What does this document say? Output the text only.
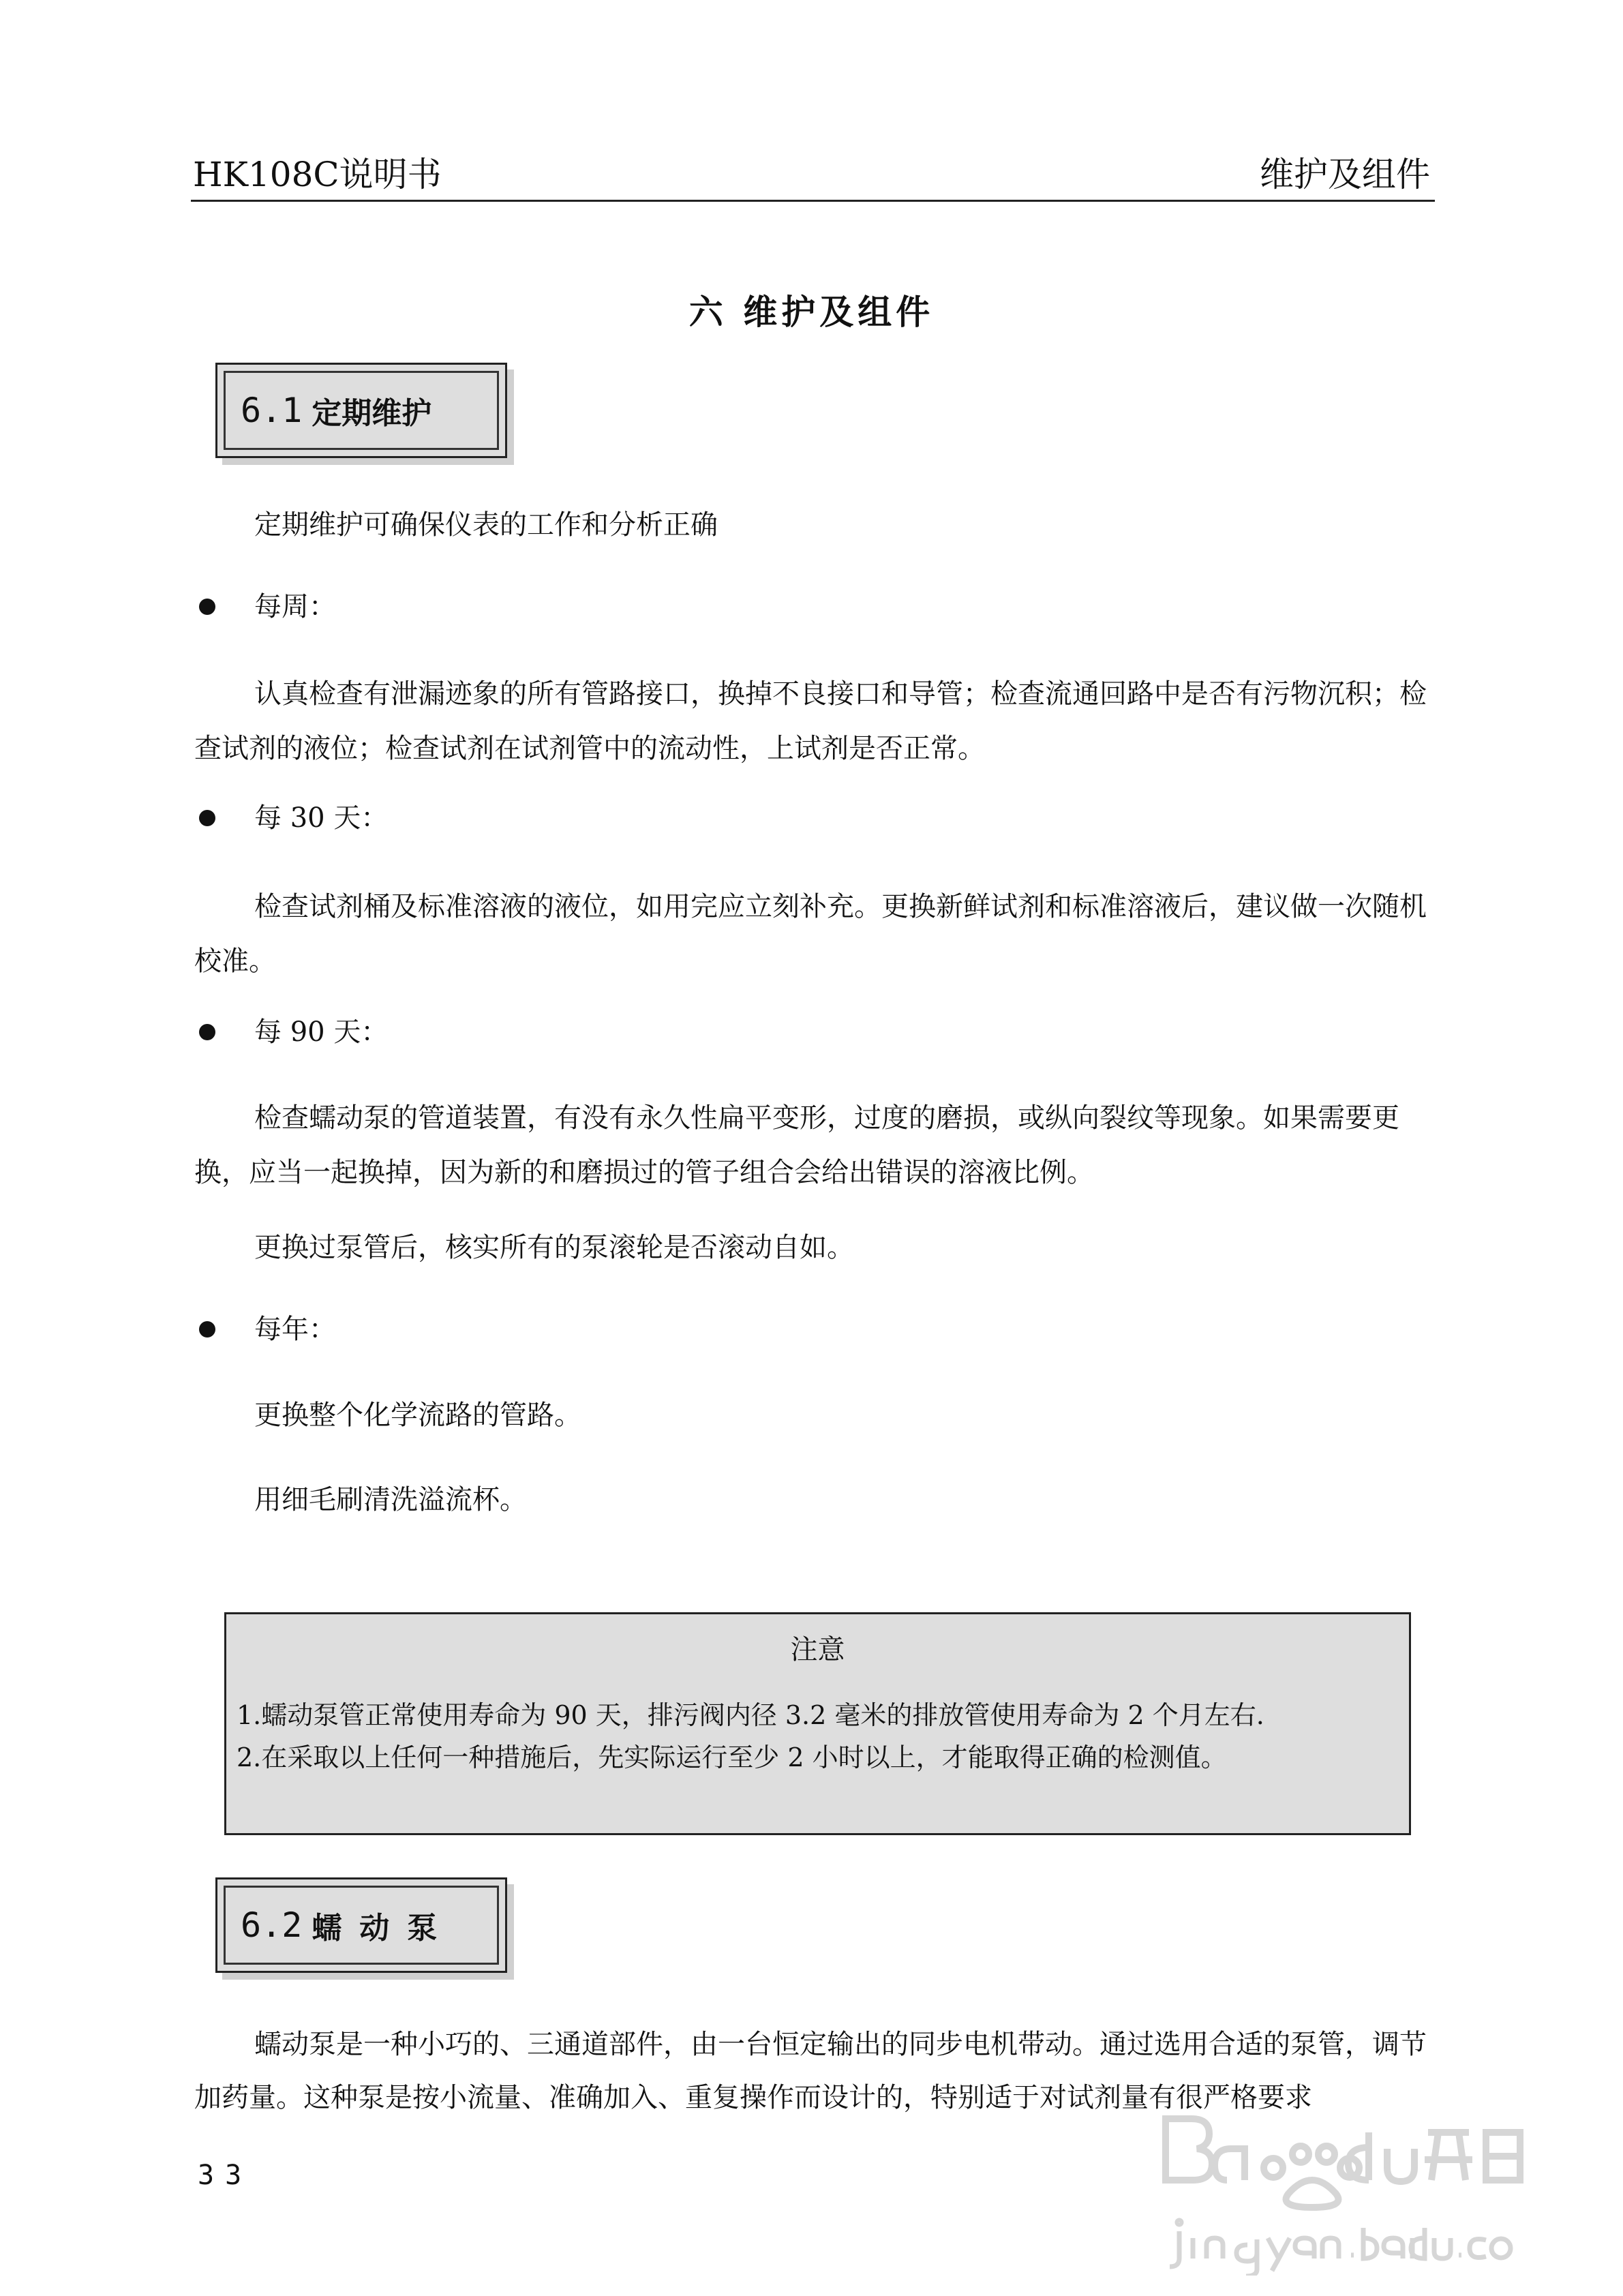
HK108C说明书	维护及组件
六 维护及组件
6.1 定期维护
定期维护可确保仪表的工作和分析正确
每周：
认真检查有泄漏迹象的所有管路接口，换掉不良接口和导管；检查流通回路中是否有污物沉积；检查试剂的液位；检查试剂在试剂管中的流动性，上试剂是否正常。
每 30 天：
检查试剂桶及标准溶液的液位，如用完应立刻补充。更换新鲜试剂和标准溶液后，建议做一次随机校准。
每 90 天：
检查蠕动泵的管道装置，有没有永久性扁平变形，过度的磨损，或纵向裂纹等现象。如果需要更换，应当一起换掉，因为新的和磨损过的管子组合会给出错误的溶液比例。
更换过泵管后，核实所有的泵滚轮是否滚动自如。
每年：
更换整个化学流路的管路。
用细毛刷清洗溢流杯。
注意
1.蠕动泵管正常使用寿命为 90 天，排污阀内径 3.2 毫米的排放管使用寿命为 2 个月左右.
2.在采取以上任何一种措施后，先实际运行至少 2 小时以上，才能取得正确的检测值。
6.2 蠕动泵
蠕动泵是一种小巧的、三通道部件，由一台恒定输出的同步电机带动。通过选用合适的泵管，调节加药量。这种泵是按小流量、准确加入、重复操作而设计的，特别适于对试剂量有很严格要求
33
